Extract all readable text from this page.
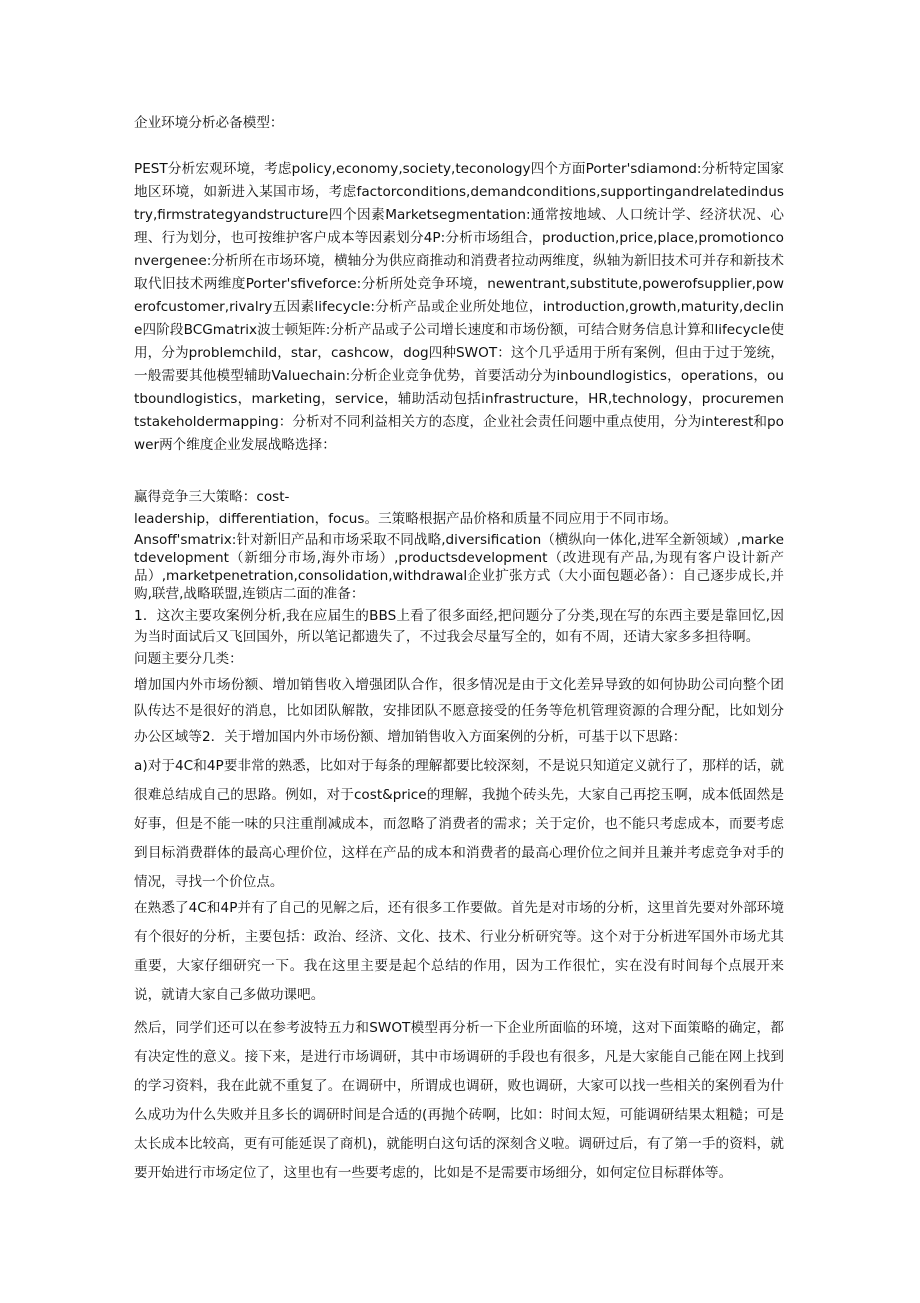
企业环境分析必备模型：

PEST分析宏观环境，考虑policy,economy,society,teconology四个方面Porter'sdiamond:分析特定国家地区环境，如新进入某国市场，考虑factorconditions,demandconditions,supportingandrelatedindustry,firmstrategyandstructure四个因素Marketsegmentation:通常按地域、人口统计学、经济状况、心理、行为划分，也可按维护客户成本等因素划分4P:分析市场组合，production,price,place,promotionconvergenee:分析所在市场环境，横轴分为供应商推动和消费者拉动两维度，纵轴为新旧技术可并存和新技术取代旧技术两维度Porter'sfiveforce:分析所处竞争环境，newentrant,substitute,powerofsupplier,powerofcustomer,rivalry五因素lifecycle:分析产品或企业所处地位，introduction,growth,maturity,decline四阶段BCGmatrix波士顿矩阵:分析产品或子公司增长速度和市场份额，可结合财务信息计算和lifecycle使用，分为problemchild，star，cashcow，dog四种SWOT：这个几乎适用于所有案例，但由于过于笼统，一般需要其他模型辅助Valuechain:分析企业竞争优势，首要活动分为inboundlogistics，operations，outboundlogistics，marketing，service，辅助活动包括infrastructure，HR,technology，procurementstakeholdermapping：分析对不同利益相关方的态度，企业社会责任问题中重点使用，分为interest和power两个维度企业发展战略选择：

赢得竞争三大策略：cost-

leadership，differentiation，focus。三策略根据产品价格和质量不同应用于不同市场。

Ansoff'smatrix:针对新旧产品和市场采取不同战略,diversification（横纵向一体化,进军全新领域）,marketdevelopment（新细分市场,海外市场）,productsdevelopment（改进现有产品,为现有客户设计新产品）,marketpenetration,consolidation,withdrawal企业扩张方式（大小面包题必备）：自己逐步成长,并购,联营,战略联盟,连锁店二面的准备：

1．这次主要攻案例分析,我在应届生的BBS上看了很多面经,把问题分了分类,现在写的东西主要是靠回忆,因为当时面试后又飞回国外，所以笔记都遗失了，不过我会尽量写全的，如有不周，还请大家多多担待啊。

问题主要分几类：

增加国内外市场份额、增加销售收入增强团队合作，很多情况是由于文化差异导致的如何协助公司向整个团队传达不是很好的消息，比如团队解散，安排团队不愿意接受的任务等危机管理资源的合理分配，比如划分办公区域等2．关于增加国内外市场份额、增加销售收入方面案例的分析，可基于以下思路：

a)对于4C和4P要非常的熟悉，比如对于每条的理解都要比较深刻，不是说只知道定义就行了，那样的话，就很难总结成自己的思路。例如，对于cost&price的理解，我抛个砖头先，大家自己再挖玉啊，成本低固然是好事，但是不能一味的只注重削减成本，而忽略了消费者的需求；关于定价，也不能只考虑成本，而要考虑到目标消费群体的最高心理价位，这样在产品的成本和消费者的最高心理价位之间并且兼并考虑竞争对手的情况，寻找一个价位点。

在熟悉了4C和4P并有了自己的见解之后，还有很多工作要做。首先是对市场的分析，这里首先要对外部环境有个很好的分析，主要包括：政治、经济、文化、技术、行业分析研究等。这个对于分析进军国外市场尤其重要，大家仔细研究一下。我在这里主要是起个总结的作用，因为工作很忙，实在没有时间每个点展开来说，就请大家自己多做功课吧。

然后，同学们还可以在参考波特五力和SWOT模型再分析一下企业所面临的环境，这对下面策略的确定，都有决定性的意义。接下来，是进行市场调研，其中市场调研的手段也有很多，凡是大家能自己能在网上找到的学习资料，我在此就不重复了。在调研中，所谓成也调研，败也调研，大家可以找一些相关的案例看为什么成功为什么失败并且多长的调研时间是合适的(再抛个砖啊，比如：时间太短，可能调研结果太粗糙；可是太长成本比较高，更有可能延误了商机)，就能明白这句话的深刻含义啦。调研过后，有了第一手的资料，就要开始进行市场定位了，这里也有一些要考虑的，比如是不是需要市场细分，如何定位目标群体等。
